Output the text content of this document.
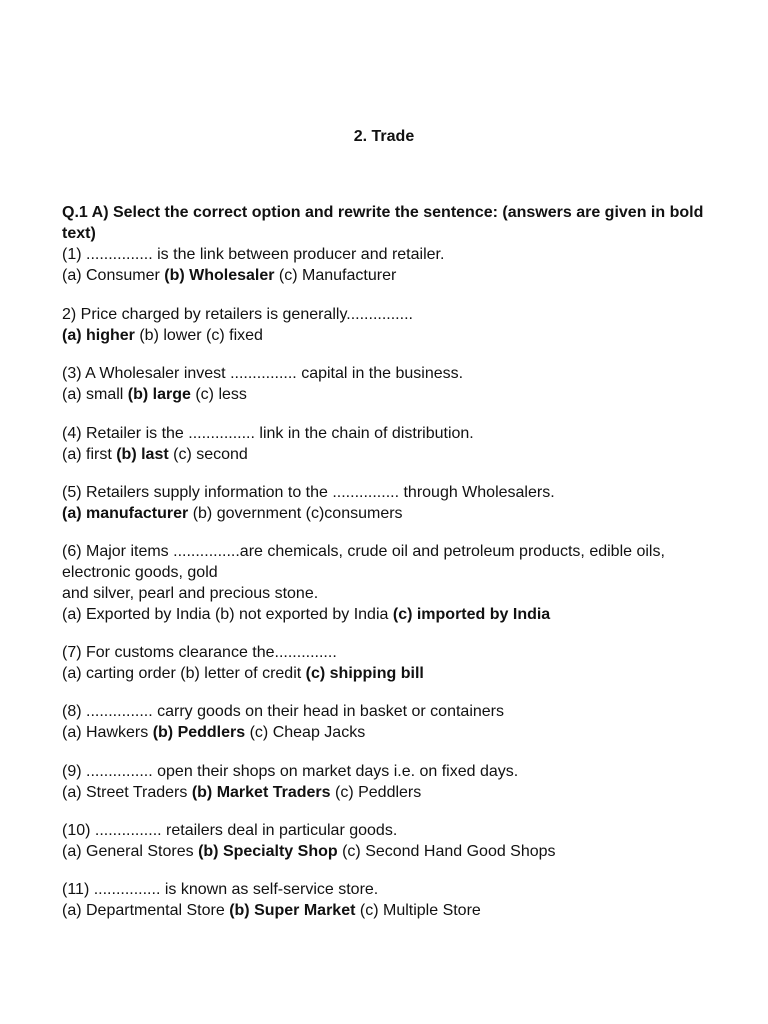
2. Trade
Q.1 A) Select the correct option and rewrite the sentence: (answers are given in bold text)
(1) ............... is the link between producer and retailer.
(a) Consumer (b) Wholesaler (c) Manufacturer
2) Price charged by retailers is generally...............
(a) higher (b) lower (c) fixed
(3) A Wholesaler invest ............... capital in the business.
(a) small (b) large (c) less
(4) Retailer is the ............... link in the chain of distribution.
(a) first (b) last (c) second
(5) Retailers supply information to the ............... through Wholesalers.
(a) manufacturer (b) government (c)consumers
(6) Major items ...............are chemicals, crude oil and petroleum products, edible oils,
electronic goods, gold
and silver, pearl and precious stone.
(a) Exported by India (b) not exported by India (c) imported by India
(7) For customs clearance the..............
(a) carting order (b) letter of credit (c) shipping bill
(8) ............... carry goods on their head in basket or containers
(a) Hawkers (b) Peddlers (c) Cheap Jacks
(9) ............... open their shops on market days i.e. on fixed days.
(a) Street Traders (b) Market Traders (c) Peddlers
(10) ............... retailers deal in particular goods.
(a) General Stores (b) Specialty Shop (c) Second Hand Good Shops
(11) ............... is known as self-service store.
(a) Departmental Store (b) Super Market (c) Multiple Store
